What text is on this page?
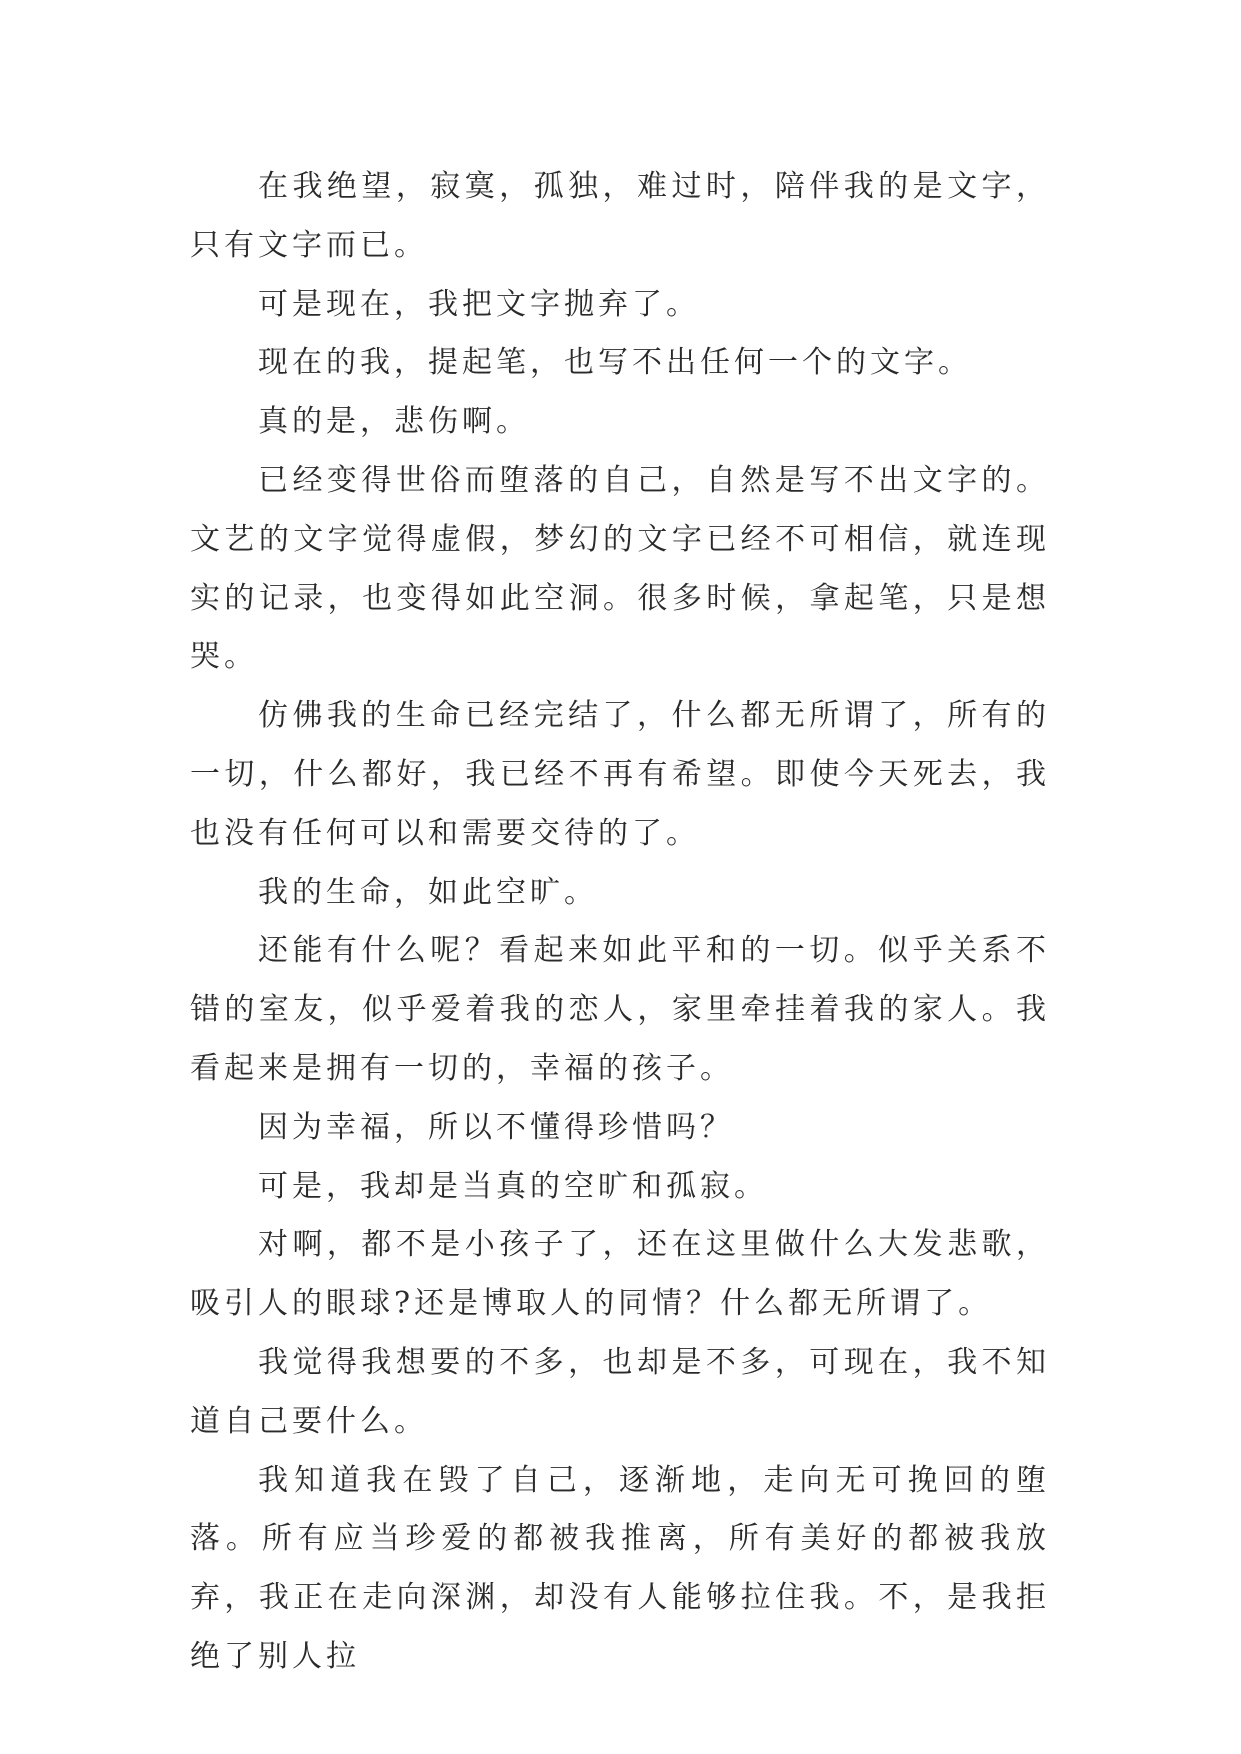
在我绝望，寂寞，孤独，难过时，陪伴我的是文字，只有文字而已。

可是现在，我把文字抛弃了。

现在的我，提起笔，也写不出任何一个的文字。

真的是，悲伤啊。

已经变得世俗而堕落的自己，自然是写不出文字的。文艺的文字觉得虚假，梦幻的文字已经不可相信，就连现实的记录，也变得如此空洞。很多时候，拿起笔，只是想哭。

仿佛我的生命已经完结了，什么都无所谓了，所有的一切，什么都好，我已经不再有希望。即使今天死去，我也没有任何可以和需要交待的了。

我的生命，如此空旷。

还能有什么呢？看起来如此平和的一切。似乎关系不错的室友，似乎爱着我的恋人，家里牵挂着我的家人。我看起来是拥有一切的，幸福的孩子。

因为幸福，所以不懂得珍惜吗？

可是，我却是当真的空旷和孤寂。

对啊，都不是小孩子了，还在这里做什么大发悲歌，吸引人的眼球?还是博取人的同情？什么都无所谓了。

我觉得我想要的不多，也却是不多，可现在，我不知道自己要什么。

我知道我在毁了自己，逐渐地，走向无可挽回的堕落。所有应当珍爱的都被我推离，所有美好的都被我放弃，我正在走向深渊，却没有人能够拉住我。不，是我拒绝了别人拉
